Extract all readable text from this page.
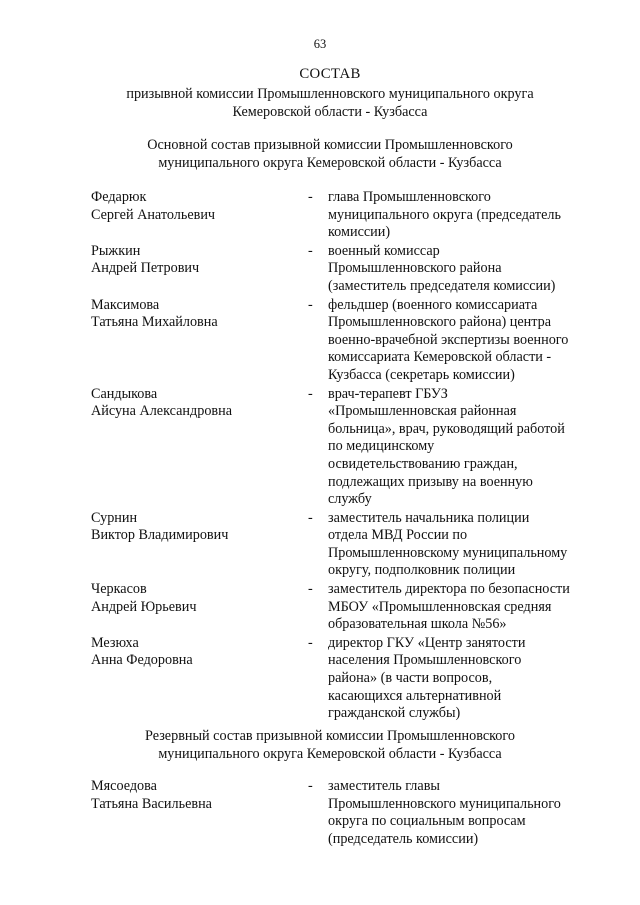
63
СОСТАВ
призывной комиссии Промышленновского муниципального округа
Кемеровской области - Кузбасса
Основной состав призывной комиссии Промышленновского
муниципального округа Кемеровской области - Кузбасса
Федарюк
Сергей Анатольевич
-	глава Промышленновского
муниципального округа (председатель
комиссии)
Рыжкин
Андрей Петрович
-	военный комиссар
Промышленновского района
(заместитель председателя комиссии)
Максимова
Татьяна Михайловна
-	фельдшер (военного комиссариата
Промышленновского района) центра
военно-врачебной экспертизы военного
комиссариата Кемеровской области -
Кузбасса (секретарь комиссии)
Сандыкова
Айсуна Александровна
-	врач-терапевт ГБУЗ
«Промышленновская районная
больница», врач, руководящий работой
по медицинскому
освидетельствованию граждан,
подлежащих призыву на военную
службу
Сурнин
Виктор Владимирович
-	заместитель начальника полиции
отдела МВД России по
Промышленновскому муниципальному
округу, подполковник полиции
Черкасов
Андрей Юрьевич
-	заместитель директора по безопасности
МБОУ «Промышленновская средняя
образовательная школа №56»
Мезюха
Анна Федоровна
-	директор ГКУ «Центр занятости
населения Промышленновского
района» (в части вопросов,
касающихся альтернативной
гражданской службы)
Резервный состав призывной комиссии Промышленновского
муниципального округа Кемеровской области - Кузбасса
Мясоедова
Татьяна Васильевна
-	заместитель главы
Промышленновского муниципального
округа по социальным вопросам
(председатель комиссии)
